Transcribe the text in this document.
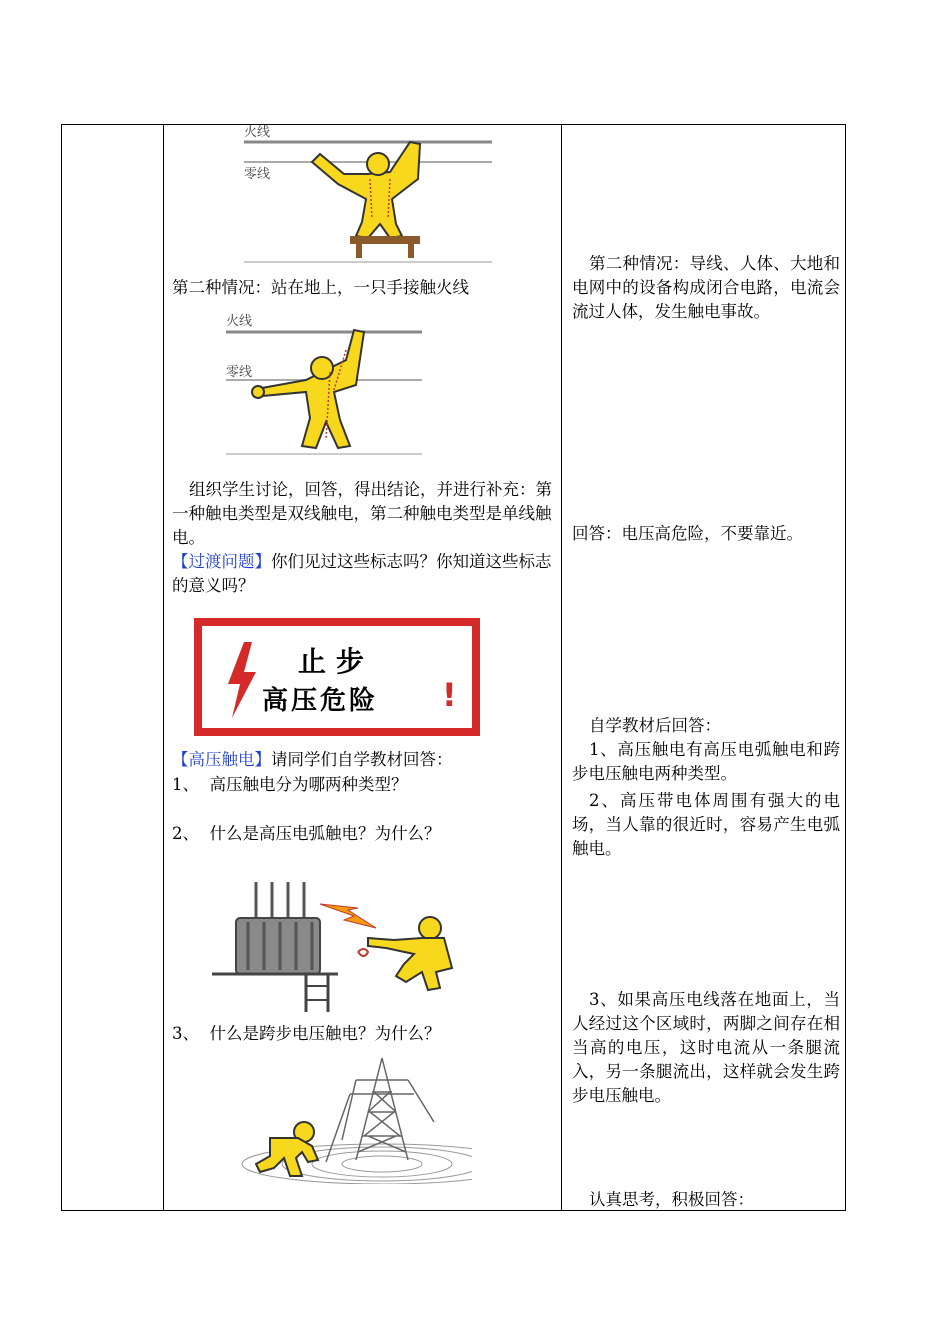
火线
零线
第二种情况：站在地上，一只手接触火线
火线
零线
组织学生讨论，回答，得出结论，并进行补充：第一种触电类型是双线触电，第二种触电类型是单线触电。
【过渡问题】你们见过这些标志吗？你知道这些标志的意义吗？
止步
高压危险 !
【高压触电】请同学们自学教材回答：
1、  高压触电分为哪两种类型？
2、  什么是高压电弧触电？为什么？
3、  什么是跨步电压触电？为什么？
第二种情况：导线、人体、大地和电网中的设备构成闭合电路，电流会流过人体，发生触电事故。
回答：电压高危险，不要靠近。
自学教材后回答：
1、高压触电有高压电弧触电和跨步电压触电两种类型。
2、高压带电体周围有强大的电场，当人靠的很近时，容易产生电弧触电。
3、如果高压电线落在地面上，当人经过这个区域时，两脚之间存在相当高的电压，这时电流从一条腿流入，另一条腿流出，这样就会发生跨步电压触电。
认真思考，积极回答：
